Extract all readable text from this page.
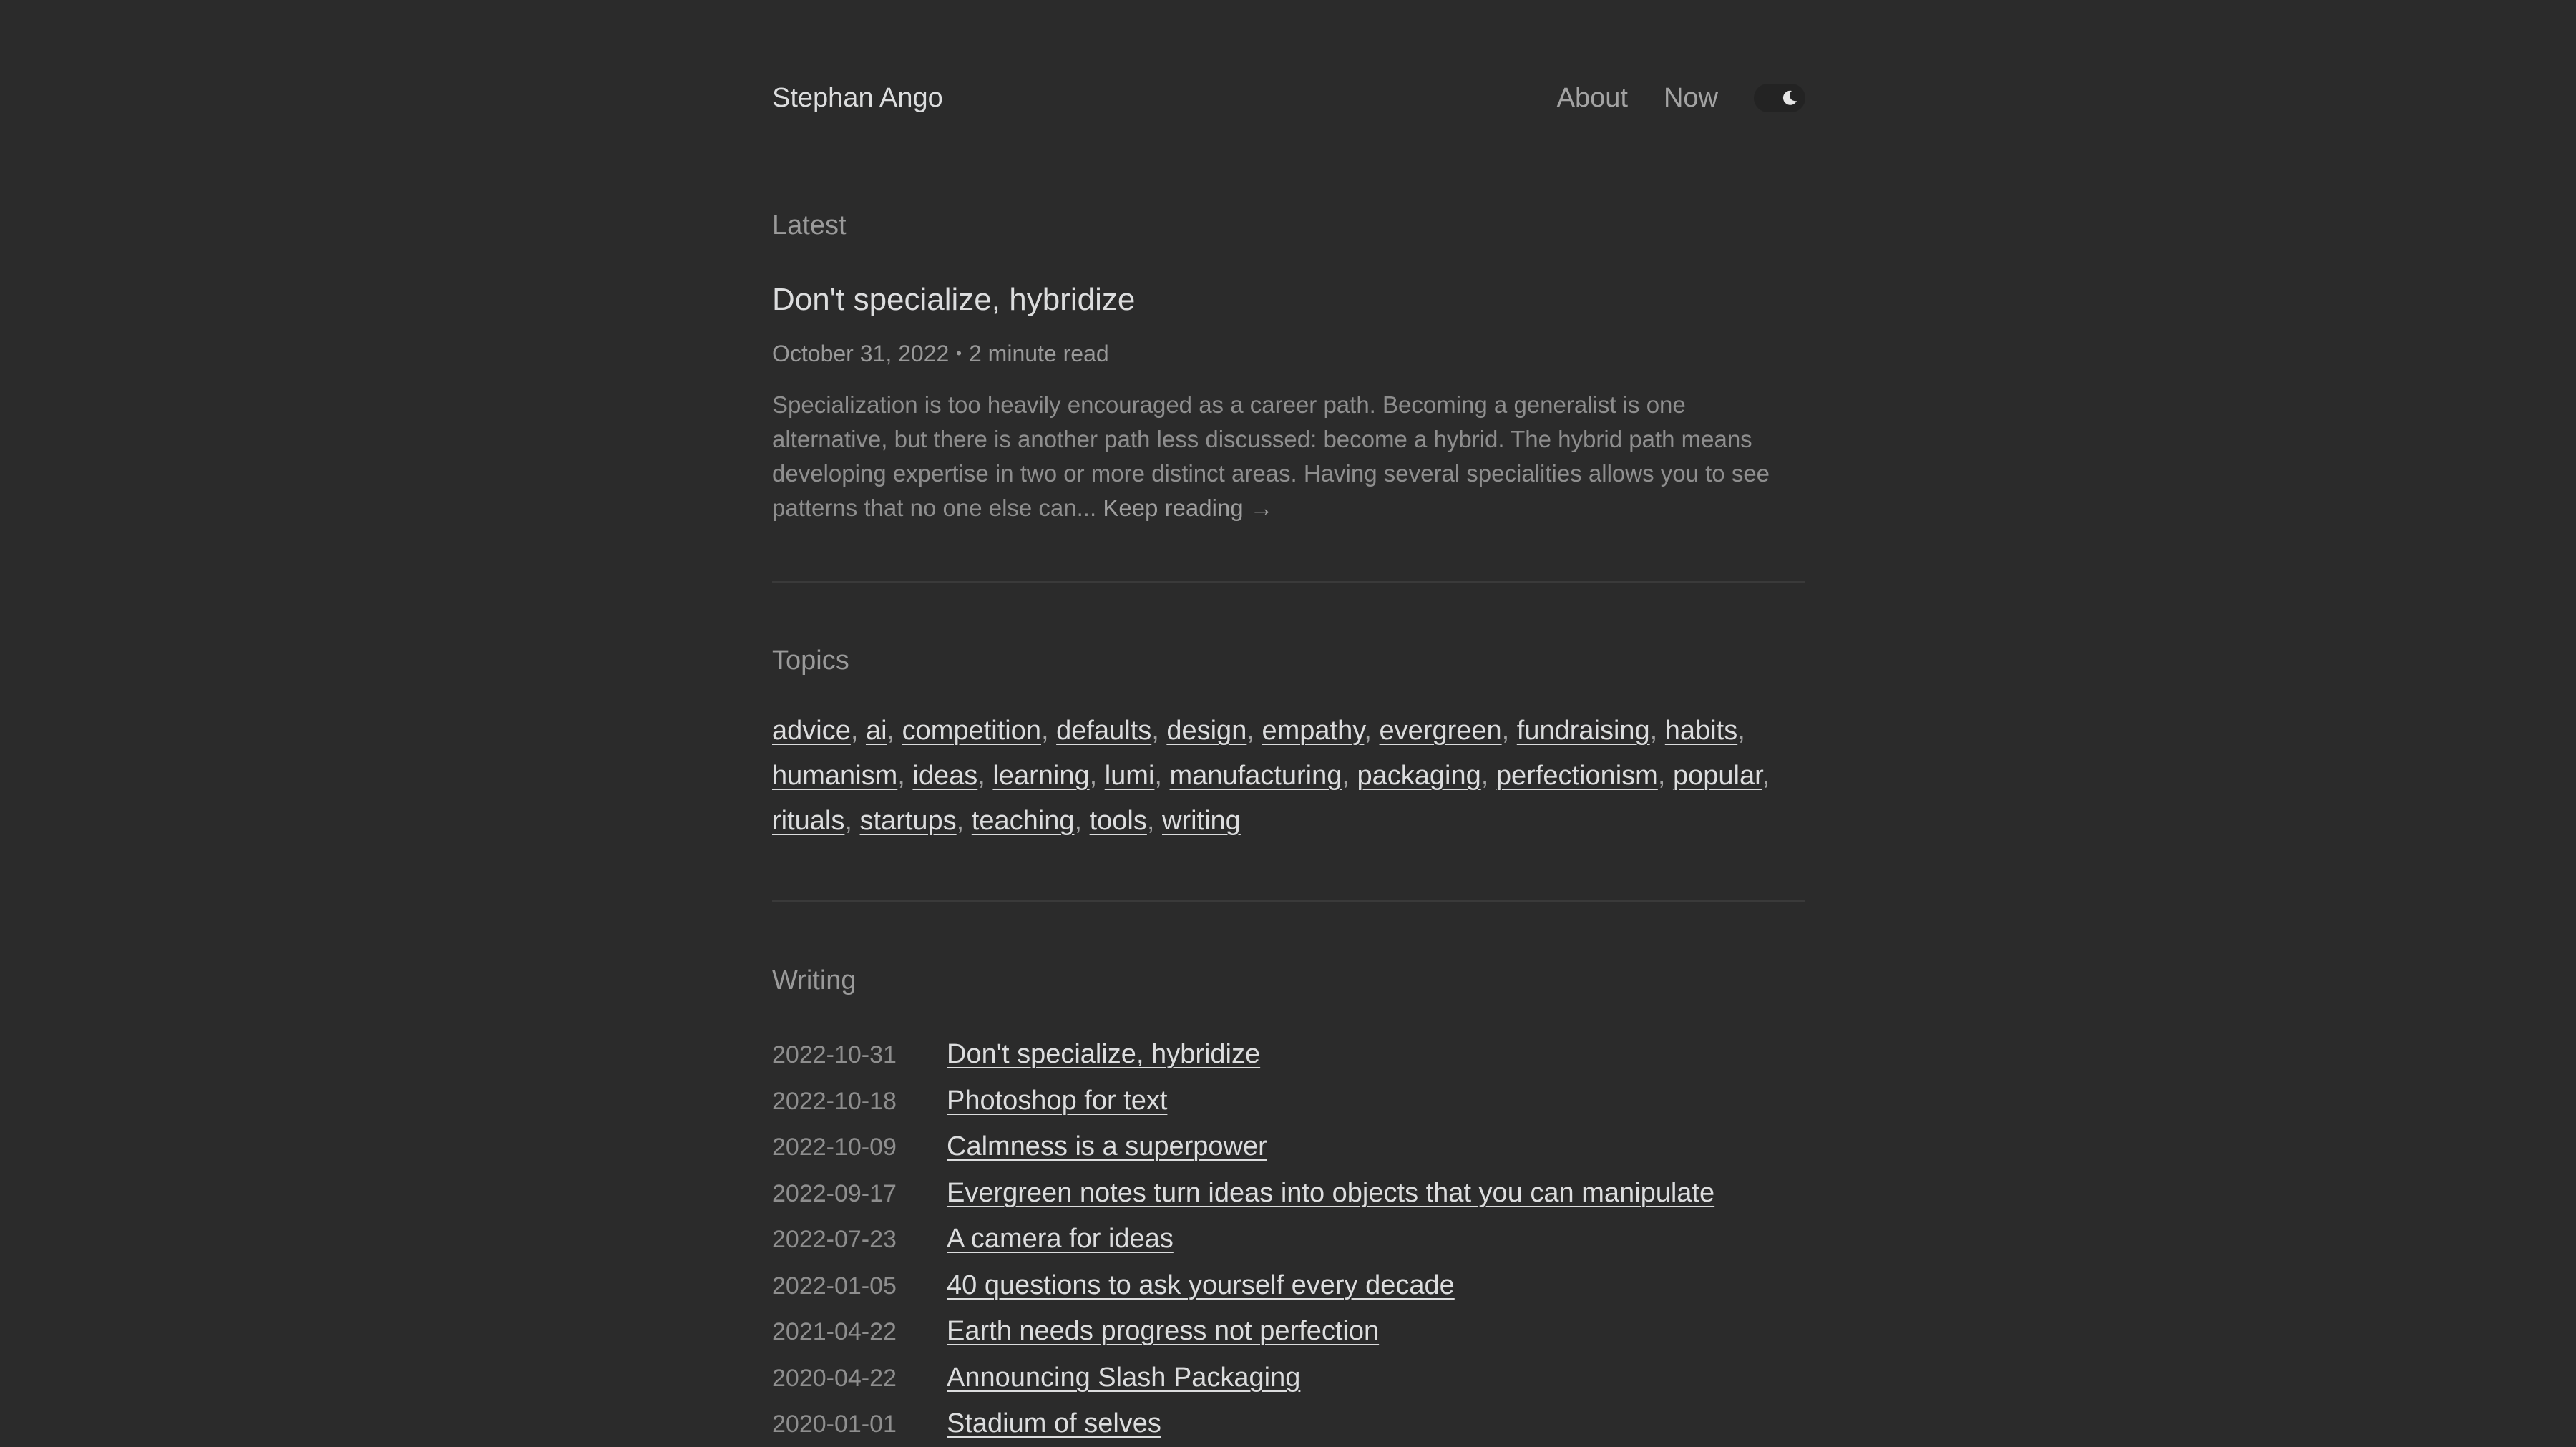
Stephan Ango	About Now
Latest
Don't specialize, hybridize
October 31, 2022 • 2 minute read
Specialization is too heavily encouraged as a career path. Becoming a generalist is one alternative, but there is another path less discussed: become a hybrid. The hybrid path means developing expertise in two or more distinct areas. Having several specialities allows you to see patterns that no one else can... Keep reading →
Topics
advice, ai, competition, defaults, design, empathy, evergreen, fundraising, habits, humanism, ideas, learning, lumi, manufacturing, packaging, perfectionism, popular, rituals, startups, teaching, tools, writing
Writing
2022-10-31	Don't specialize, hybridize
2022-10-18	Photoshop for text
2022-10-09	Calmness is a superpower
2022-09-17	Evergreen notes turn ideas into objects that you can manipulate
2022-07-23	A camera for ideas
2022-01-05	40 questions to ask yourself every decade
2021-04-22	Earth needs progress not perfection
2020-04-22	Announcing Slash Packaging
2020-01-01	Stadium of selves
